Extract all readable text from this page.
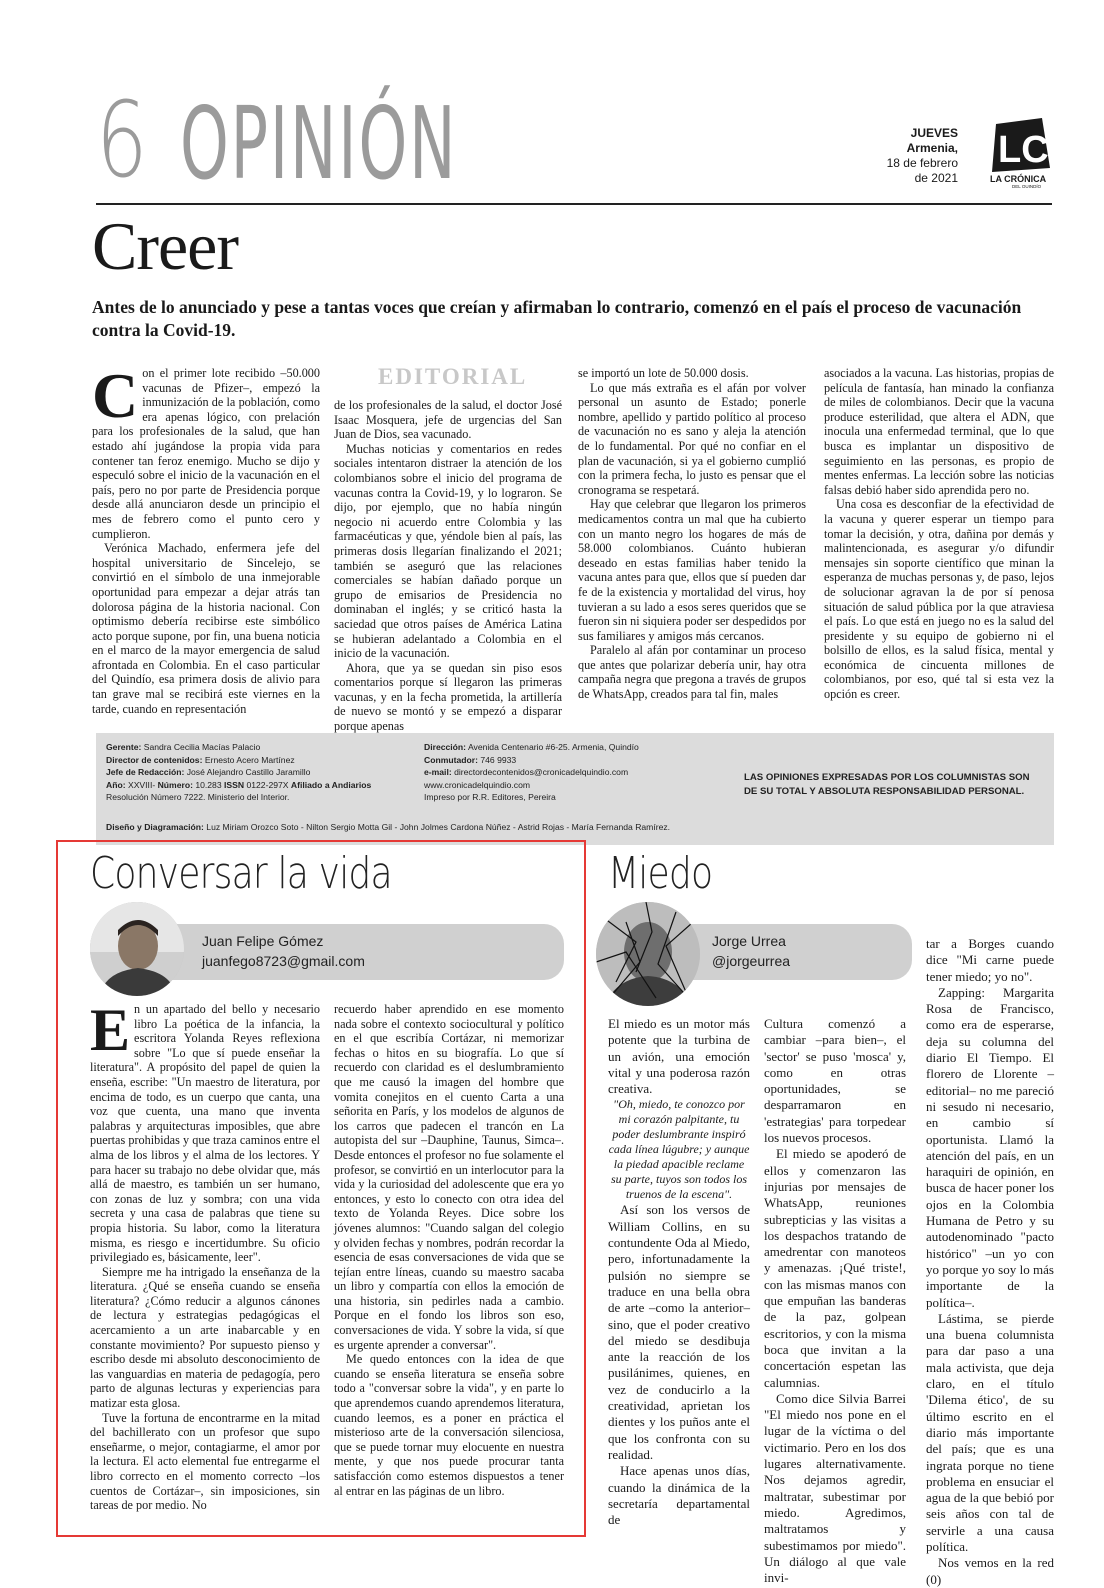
6 OPINIÓN	JUEVES
Armenia,
18 de febrero
de 2021
LC
LA CRÓNICA
DEL QUINDÍO
Creer
Antes de lo anunciado y pese a tantas voces que creían y afirmaban lo contrario, comenzó en el país el proceso de vacunación contra la Covid-19.
EDITORIAL
C on el primer lote recibido –50.000 vacunas de Pfizer–, empezó la inmunización de la población, como era apenas lógico, con prelación para los profesionales de la salud, que han estado ahí jugándose la propia vida para contener tan feroz enemigo. Mucho se dijo y especuló sobre el inicio de la vacunación en el país, pero no por parte de Presidencia porque desde allá anunciaron desde un principio el mes de febrero como el punto cero y cumplieron.

Verónica Machado, enfermera jefe del hospital universitario de Sincelejo, se convirtió en el símbolo de una inmejorable oportunidad para empezar a dejar atrás tan dolorosa página de la historia nacional. Con optimismo debería recibirse este simbólico acto porque supone, por fin, una buena noticia en el marco de la mayor emergencia de salud afrontada en Colombia. En el caso particular del Quindío, esa primera dosis de alivio para tan grave mal se recibirá este viernes en la tarde, cuando en representación

de los profesionales de la salud, el doctor José Isaac Mosquera, jefe de urgencias del San Juan de Dios, sea vacunado.

Muchas noticias y comentarios en redes sociales intentaron distraer la atención de los colombianos sobre el inicio del programa de vacunas contra la Covid-19, y lo lograron. Se dijo, por ejemplo, que no había ningún negocio ni acuerdo entre Colombia y las farmacéuticas y que, yéndole bien al país, las primeras dosis llegarían finalizando el 2021; también se aseguró que las relaciones comerciales se habían dañado porque un grupo de emisarios de Presidencia no dominaban el inglés; y se criticó hasta la saciedad que otros países de América Latina se hubieran adelantado a Colombia en el inicio de la vacunación.

Ahora, que ya se quedan sin piso esos comentarios porque sí llegaron las primeras vacunas, y en la fecha prometida, la artillería de nuevo se montó y se empezó a disparar porque apenas

se importó un lote de 50.000 dosis.

Lo que más extraña es el afán por volver personal un asunto de Estado; ponerle nombre, apellido y partido político al proceso de vacunación no es sano y aleja la atención de lo fundamental. Por qué no confiar en el plan de vacunación, si ya el gobierno cumplió con la primera fecha, lo justo es pensar que el cronograma se respetará.

Hay que celebrar que llegaron los primeros medicamentos contra un mal que ha cubierto con un manto negro los hogares de más de 58.000 colombianos. Cuánto hubieran deseado en estas familias haber tenido la vacuna antes para que, ellos que sí pueden dar fe de la existencia y mortalidad del virus, hoy tuvieran a su lado a esos seres queridos que se fueron sin ni siquiera poder ser despedidos por sus familiares y amigos más cercanos.

Paralelo al afán por contaminar un proceso que antes que polarizar debería unir, hay otra campaña negra que pregona a través de grupos de WhatsApp, creados para tal fin, males

asociados a la vacuna. Las historias, propias de película de fantasía, han minado la confianza de miles de colombianos. Decir que la vacuna produce esterilidad, que altera el ADN, que inocula una enfermedad terminal, que lo que busca es implantar un dispositivo de seguimiento en las personas, es propio de mentes enfermas. La lección sobre las noticias falsas debió haber sido aprendida pero no.

Una cosa es desconfiar de la efectividad de la vacuna y querer esperar un tiempo para tomar la decisión, y otra, dañina por demás y malintencionada, es asegurar y/o difundir mensajes sin soporte científico que minan la esperanza de muchas personas y, de paso, lejos de solucionar agravan la de por sí penosa situación de salud pública por la que atraviesa el país. Lo que está en juego no es la salud del presidente y su equipo de gobierno ni el bolsillo de ellos, es la salud física, mental y económica de cincuenta millones de colombianos, por eso, qué tal si esta vez la opción es creer.

Gerente: Sandra Cecilia Macías Palacio
Director de contenidos: Ernesto Acero Martínez
Jefe de Redacción: José Alejandro Castillo Jaramillo
Año: XXVIII- Número: 10.283 ISSN 0122-297X Afiliado a Andiarios
Resolución Número 7222. Ministerio del Interior.
Dirección: Avenida Centenario #6-25. Armenia, Quindío
Conmutador: 746 9933
e-mail: directordecontenidos@cronicadelquindio.com
www.cronicadelquindio.com
Impreso por R.R. Editores, Pereira
LAS OPINIONES EXPRESADAS POR LOS COLUMNISTAS SON DE SU TOTAL Y ABSOLUTA RESPONSABILIDAD PERSONAL.
Diseño y Diagramación: Luz Miriam Orozco Soto - Nilton Sergio Motta Gil - John Jolmes Cardona Núñez - Astrid Rojas - María Fernanda Ramírez.
Conversar la vida
Juan Felipe Gómez
juanfego8723@gmail.com
E n un apartado del bello y necesario libro La poética de la infancia, la escritora Yolanda Reyes reflexiona sobre "Lo que sí puede enseñar la literatura". A propósito del papel de quien la enseña, escribe: "Un maestro de literatura, por encima de todo, es un cuerpo que canta, una voz que cuenta, una mano que inventa palabras y arquitecturas imposibles, que abre puertas prohibidas y que traza caminos entre el alma de los libros y el alma de los lectores. Y para hacer su trabajo no debe olvidar que, más allá de maestro, es también un ser humano, con zonas de luz y sombra; con una vida secreta y una casa de palabras que tiene su propia historia. Su labor, como la literatura misma, es riesgo e incertidumbre. Su oficio privilegiado es, básicamente, leer".

Siempre me ha intrigado la enseñanza de la literatura. ¿Qué se enseña cuando se enseña literatura? ¿Cómo reducir a algunos cánones de lectura y estrategias pedagógicas el acercamiento a un arte inabarcable y en constante movimiento? Por supuesto pienso y escribo desde mi absoluto desconocimiento de las vanguardias en materia de pedagogía, pero parto de algunas lecturas y experiencias para matizar esta glosa.

Tuve la fortuna de encontrarme en la mitad del bachillerato con un profesor que supo enseñarme, o mejor, contagiarme, el amor por la lectura. El acto elemental fue entregarme el libro correcto en el momento correcto –los cuentos de Cortázar–, sin imposiciones, sin tareas de por medio. No

recuerdo haber aprendido en ese momento nada sobre el contexto sociocultural y político en el que escribía Cortázar, ni memorizar fechas o hitos en su biografía. Lo que sí recuerdo con claridad es el deslumbramiento que me causó la imagen del hombre que vomita conejitos en el cuento Carta a una señorita en París, y los modelos de algunos de los carros que padecen el trancón en La autopista del sur –Dauphine, Taunus, Simca–. Desde entonces el profesor no fue solamente el profesor, se convirtió en un interlocutor para la vida y la curiosidad del adolescente que era yo entonces, y esto lo conecto con otra idea del texto de Yolanda Reyes. Dice sobre los jóvenes alumnos: "Cuando salgan del colegio y olviden fechas y nombres, podrán recordar la esencia de esas conversaciones de vida que se tejían entre líneas, cuando su maestro sacaba un libro y compartía con ellos la emoción de una historia, sin pedirles nada a cambio. Porque en el fondo los libros son eso, conversaciones de vida. Y sobre la vida, sí que es urgente aprender a conversar".

Me quedo entonces con la idea de que cuando se enseña literatura se enseña sobre todo a "conversar sobre la vida", y en parte lo que aprendemos cuando aprendemos literatura, cuando leemos, es a poner en práctica el misterioso arte de la conversación silenciosa, que se puede tornar muy elocuente en nuestra mente, y que nos puede procurar tanta satisfacción como estemos dispuestos a tener al entrar en las páginas de un libro.

Miedo
Jorge Urrea
@jorgeurrea

El miedo es un motor más potente que la turbina de un avión, una emoción vital y una poderosa razón creativa.

"Oh, miedo, te conozco por mi corazón palpitante, tu poder deslumbrante inspiró cada línea lúgubre; y aunque la piedad apacible reclame su parte, tuyos son todos los truenos de la escena".

Así son los versos de William Collins, en su contundente Oda al Miedo, pero, infortunadamente la pulsión no siempre se traduce en una bella obra de arte –como la anterior– sino, que el poder creativo del miedo se desdibuja ante la reacción de los pusilánimes, quienes, en vez de conducirlo a la creatividad, aprietan los dientes y los puños ante el que los confronta con su realidad.

Hace apenas unos días, cuando la dinámica de la secretaría departamental de

Cultura comenzó a cambiar –para bien–, el 'sector' se puso 'mosca' y, como en otras oportunidades, se desparramaron en 'estrategias' para torpedear los nuevos procesos.

El miedo se apoderó de ellos y comenzaron las injurias por mensajes de WhatsApp, reuniones subrepticias y las visitas a los despachos tratando de amedrentar con manoteos y amenazas. ¡Qué triste!, con las mismas manos con que empuñan las banderas de la paz, golpean escritorios, y con la misma boca que invitan a la concertación espetan las calumnias.

Como dice Silvia Barrei "El miedo nos pone en el lugar de la víctima o del victimario. Pero en los dos lugares alternativamente. Nos dejamos agredir, maltratar, subestimar por miedo. Agredimos, maltratamos y subestimamos por miedo". Un diálogo al que vale invi-

tar a Borges cuando dice "Mi carne puede tener miedo; yo no".

Zapping: Margarita Rosa de Francisco, como era de esperarse, deja su columna del diario El Tiempo. El florero de Llorente –editorial– no me pareció ni sesudo ni necesario, en cambio sí oportunista. Llamó la atención del país, en un haraquiri de opinión, en busca de hacer poner los ojos en la Colombia Humana de Petro y su autodenominado "pacto histórico" –un yo con yo porque yo soy lo más importante de la política–.

Lástima, se pierde una buena columnista para dar paso a una mala activista, que deja claro, en el título 'Dilema ético', de su último escrito en el diario más importante del país; que es una ingrata porque no tiene problema en ensuciar el agua de la que bebió por seis años con tal de servirle a una causa política.

Nos vemos en la red (0)
